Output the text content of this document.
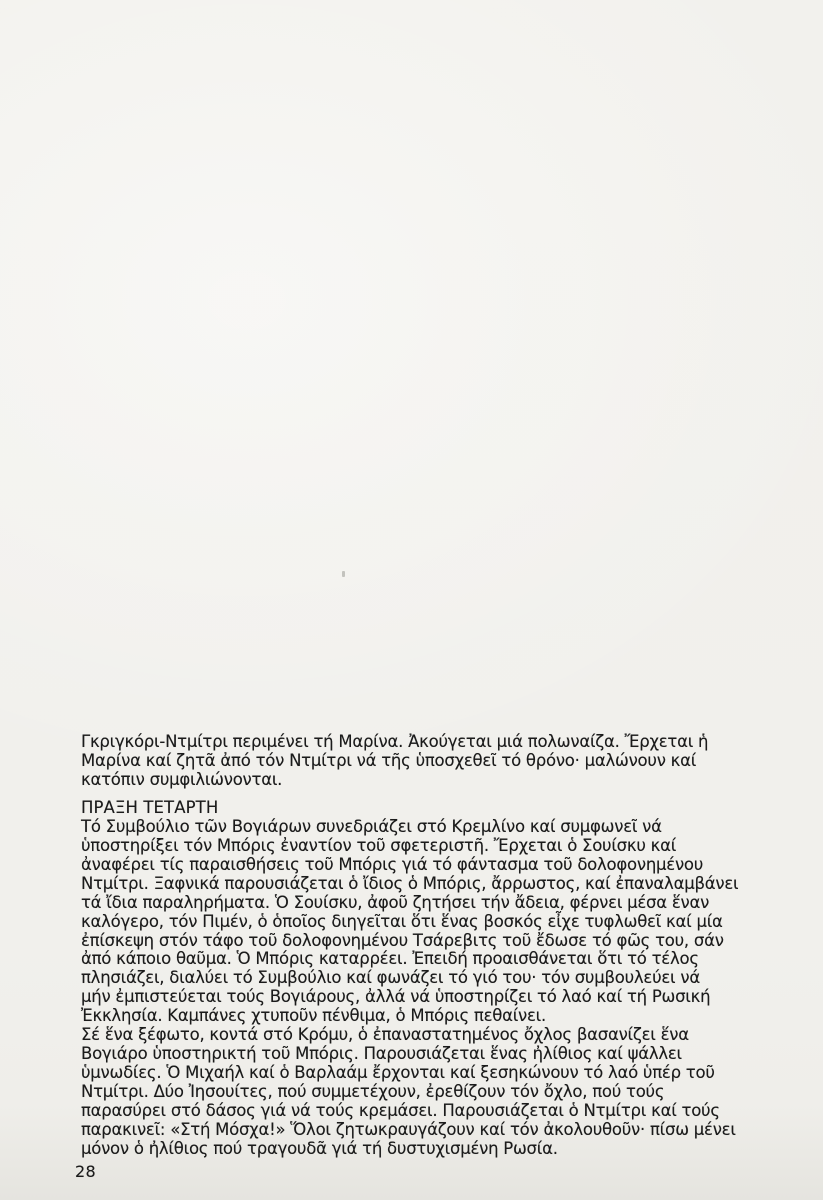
Γκριγκόρι-Ντμίτρι περιμένει τή Μαρίνα. Ἀκούγεται μιά πολωναίζα. Ἔρχεται ἡ
Μαρίνα καί ζητᾶ ἀπό τόν Ντμίτρι νά τῆς ὑποσχεθεῖ τό θρόνο· μαλώνουν καί
κατόπιν συμφιλιώνονται.

ΠΡΑΞΗ ΤΕΤΑΡΤΗ

Τό Συμβούλιο τῶν Βογιάρων συνεδριάζει στό Κρεμλίνο καί συμφωνεῖ νά
ὑποστηρίξει τόν Μπόρις ἐναντίον τοῦ σφετεριστῆ. Ἔρχεται ὁ Σουίσκυ καί
ἀναφέρει τίς παραισθήσεις τοῦ Μπόρις γιά τό φάντασμα τοῦ δολοφονημένου
Ντμίτρι. Ξαφνικά παρουσιάζεται ὁ ἴδιος ὁ Μπόρις, ἄρρωστος, καί ἐπαναλαμβάνει
τά ἴδια παραληρήματα. Ὁ Σουίσκυ, ἀφοῦ ζητήσει τήν ἄδεια, φέρνει μέσα ἕναν
καλόγερο, τόν Πιμέν, ὁ ὁποῖος διηγεῖται ὅτι ἕνας βοσκός εἶχε τυφλωθεῖ καί μία
ἐπίσκεψη στόν τάφο τοῦ δολοφονημένου Τσάρεβιτς τοῦ ἔδωσε τό φῶς του, σάν
ἀπό κάποιο θαῦμα. Ὁ Μπόρις καταρρέει. Ἐπειδή προαισθάνεται ὅτι τό τέλος
πλησιάζει, διαλύει τό Συμβούλιο καί φωνάζει τό γιό του· τόν συμβουλεύει νά
μήν ἐμπιστεύεται τούς Βογιάρους, ἀλλά νά ὑποστηρίζει τό λαό καί τή Ρωσική
Ἐκκλησία. Καμπάνες χτυποῦν πένθιμα, ὁ Μπόρις πεθαίνει.

Σέ ἕνα ξέφωτο, κοντά στό Κρόμυ, ὁ ἐπαναστατημένος ὄχλος βασανίζει ἕνα
Βογιάρο ὑποστηρικτή τοῦ Μπόρις. Παρουσιάζεται ἕνας ἠλίθιος καί ψάλλει
ὑμνωδίες. Ὁ Μιχαήλ καί ὁ Βαρλαάμ ἔρχονται καί ξεσηκώνουν τό λαό ὑπέρ τοῦ
Ντμίτρι. Δύο Ἰησουίτες, πού συμμετέχουν, ἐρεθίζουν τόν ὄχλο, πού τούς
παρασύρει στό δάσος γιά νά τούς κρεμάσει. Παρουσιάζεται ὁ Ντμίτρι καί τούς
παρακινεῖ: «Στή Μόσχα!» Ὅλοι ζητωκραυγάζουν καί τόν ἀκολουθοῦν· πίσω μένει
μόνον ὁ ἠλίθιος πού τραγουδᾶ γιά τή δυστυχισμένη Ρωσία.

28
